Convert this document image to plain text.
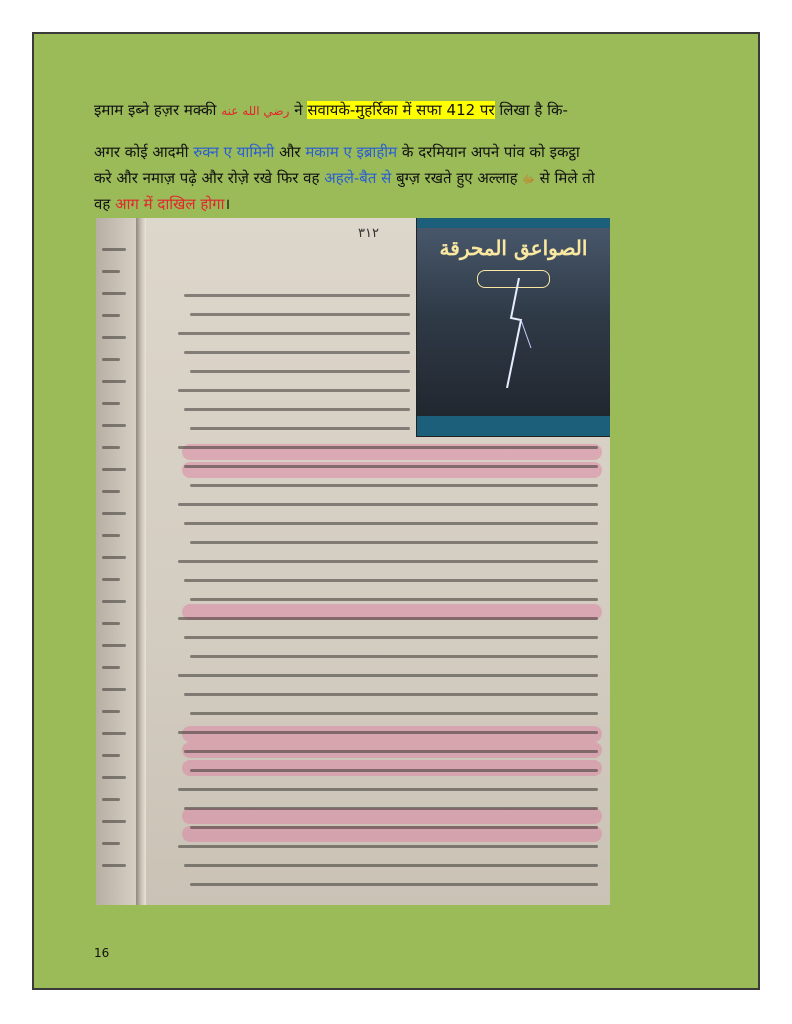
इमाम इब्ने हज़र मक्की رضي الله عنه ने सवायके-मुहर्रिका में सफा 412 पर लिखा है कि-
अगर कोई आदमी रुक्न ए यामिनी और मकाम ए इब्राहीम के दरमियान अपने पांव को इकट्ठा
करे और नमाज़ पढ़े और रोज़े रखे फिर वह अहले-बैत से बुग्ज़ रखते हुए अल्लाह ﷻ से मिले तो
वह आग में दाखिल होगा।
۳۱۲
الصواعق المحرقة
16
